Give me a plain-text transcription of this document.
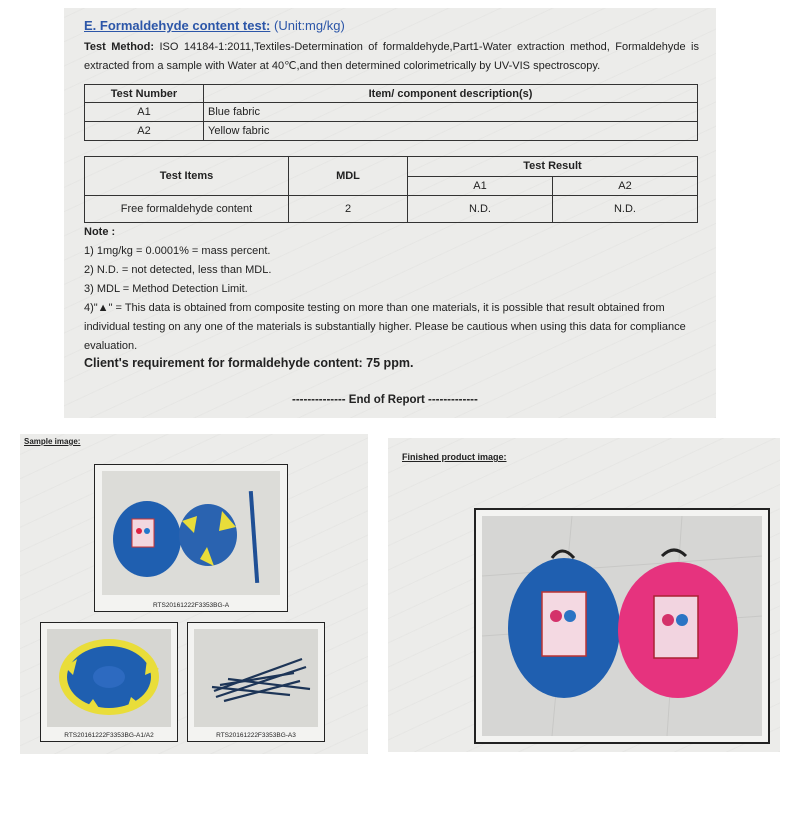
E. Formaldehyde content test: (Unit:mg/kg)
Test Method: ISO 14184-1:2011,Textiles-Determination of formaldehyde,Part1-Water extraction method, Formaldehyde is extracted from a sample with Water at 40℃,and then determined colorimetrically by UV-VIS spectroscopy.
Test Number	Item/ component description(s)
A1	Blue fabric
A2	Yellow fabric
Test Items	MDL	Test Result	
		A1	A2
Free formaldehyde content	2	N.D.	N.D.
Note :
1) 1mg/kg = 0.0001% = mass percent.
2) N.D. = not detected, less than MDL.
3) MDL = Method Detection Limit.
4)"▲" = This data is obtained from composite testing on more than one materials, it is possible that result obtained from individual testing on any one of the materials is substantially higher. Please be cautious when using this data for compliance evaluation.
Client's requirement for formaldehyde content: 75 ppm.
-------------- End of Report -------------
Sample image:
RTS20161222F3353BG-A
RTS20161222F3353BG-A1/A2	RTS20161222F3353BG-A3
Finished product image:
